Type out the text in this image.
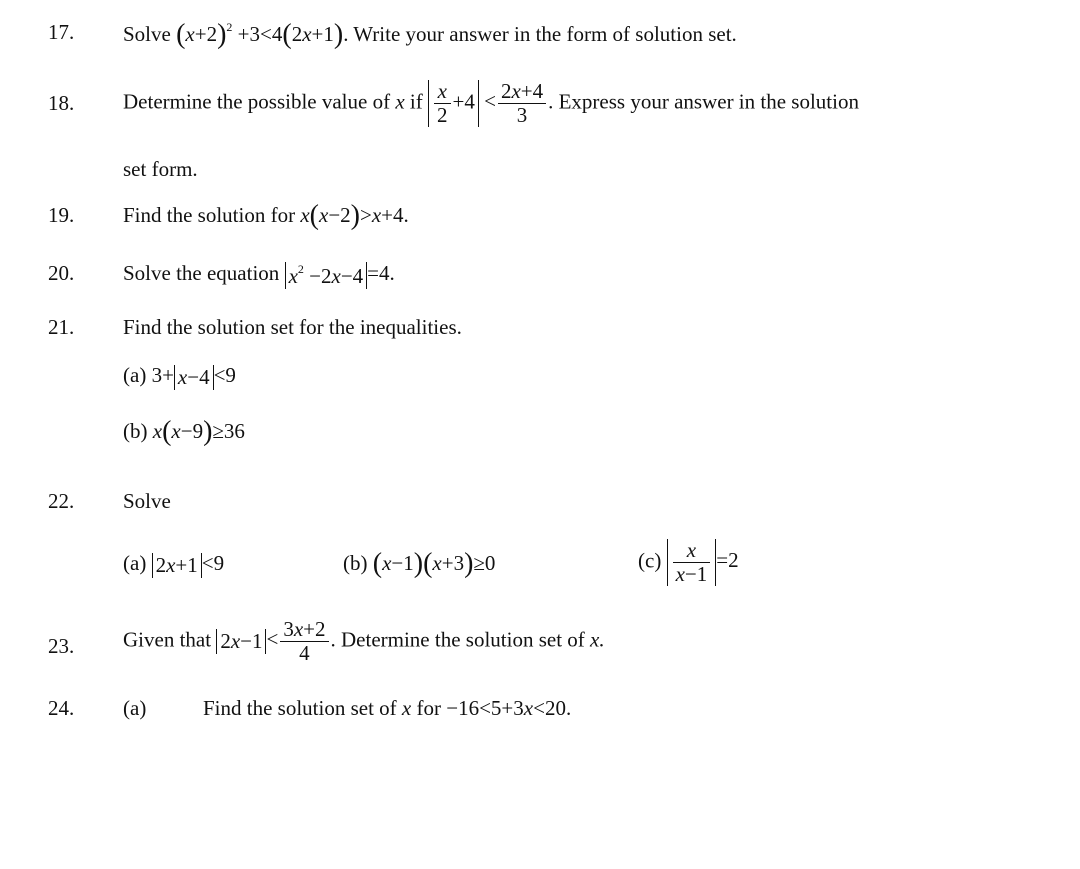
17. Solve $(x+2)^2 +3<4(2x+1)$. Write your answer in the form of solution set.
18. Determine the possible value of x if $\frac{x}{2} +4 < \frac{2x+4}{3}$ . Express your answer in the solution
set form.
19. Find the solution for x(x−2)>x+4.
20. Solve the equation $x^2 -2x-4 =4$.
21. Find the solution set for the inequalities.
(a) 3+ x−4 <9
(b) x(x−9)≥36
22. Solve
(a) 2x+1 <9	(b) (x−1)(x+3)≥0	$(c) \frac{x}{x-1} =2$
23. Given that $2x-1 < \frac{3x+2}{4}$ . Determine the solution set of x.
24. (a)	Find the solution set of x for −16<5+3x<20.
